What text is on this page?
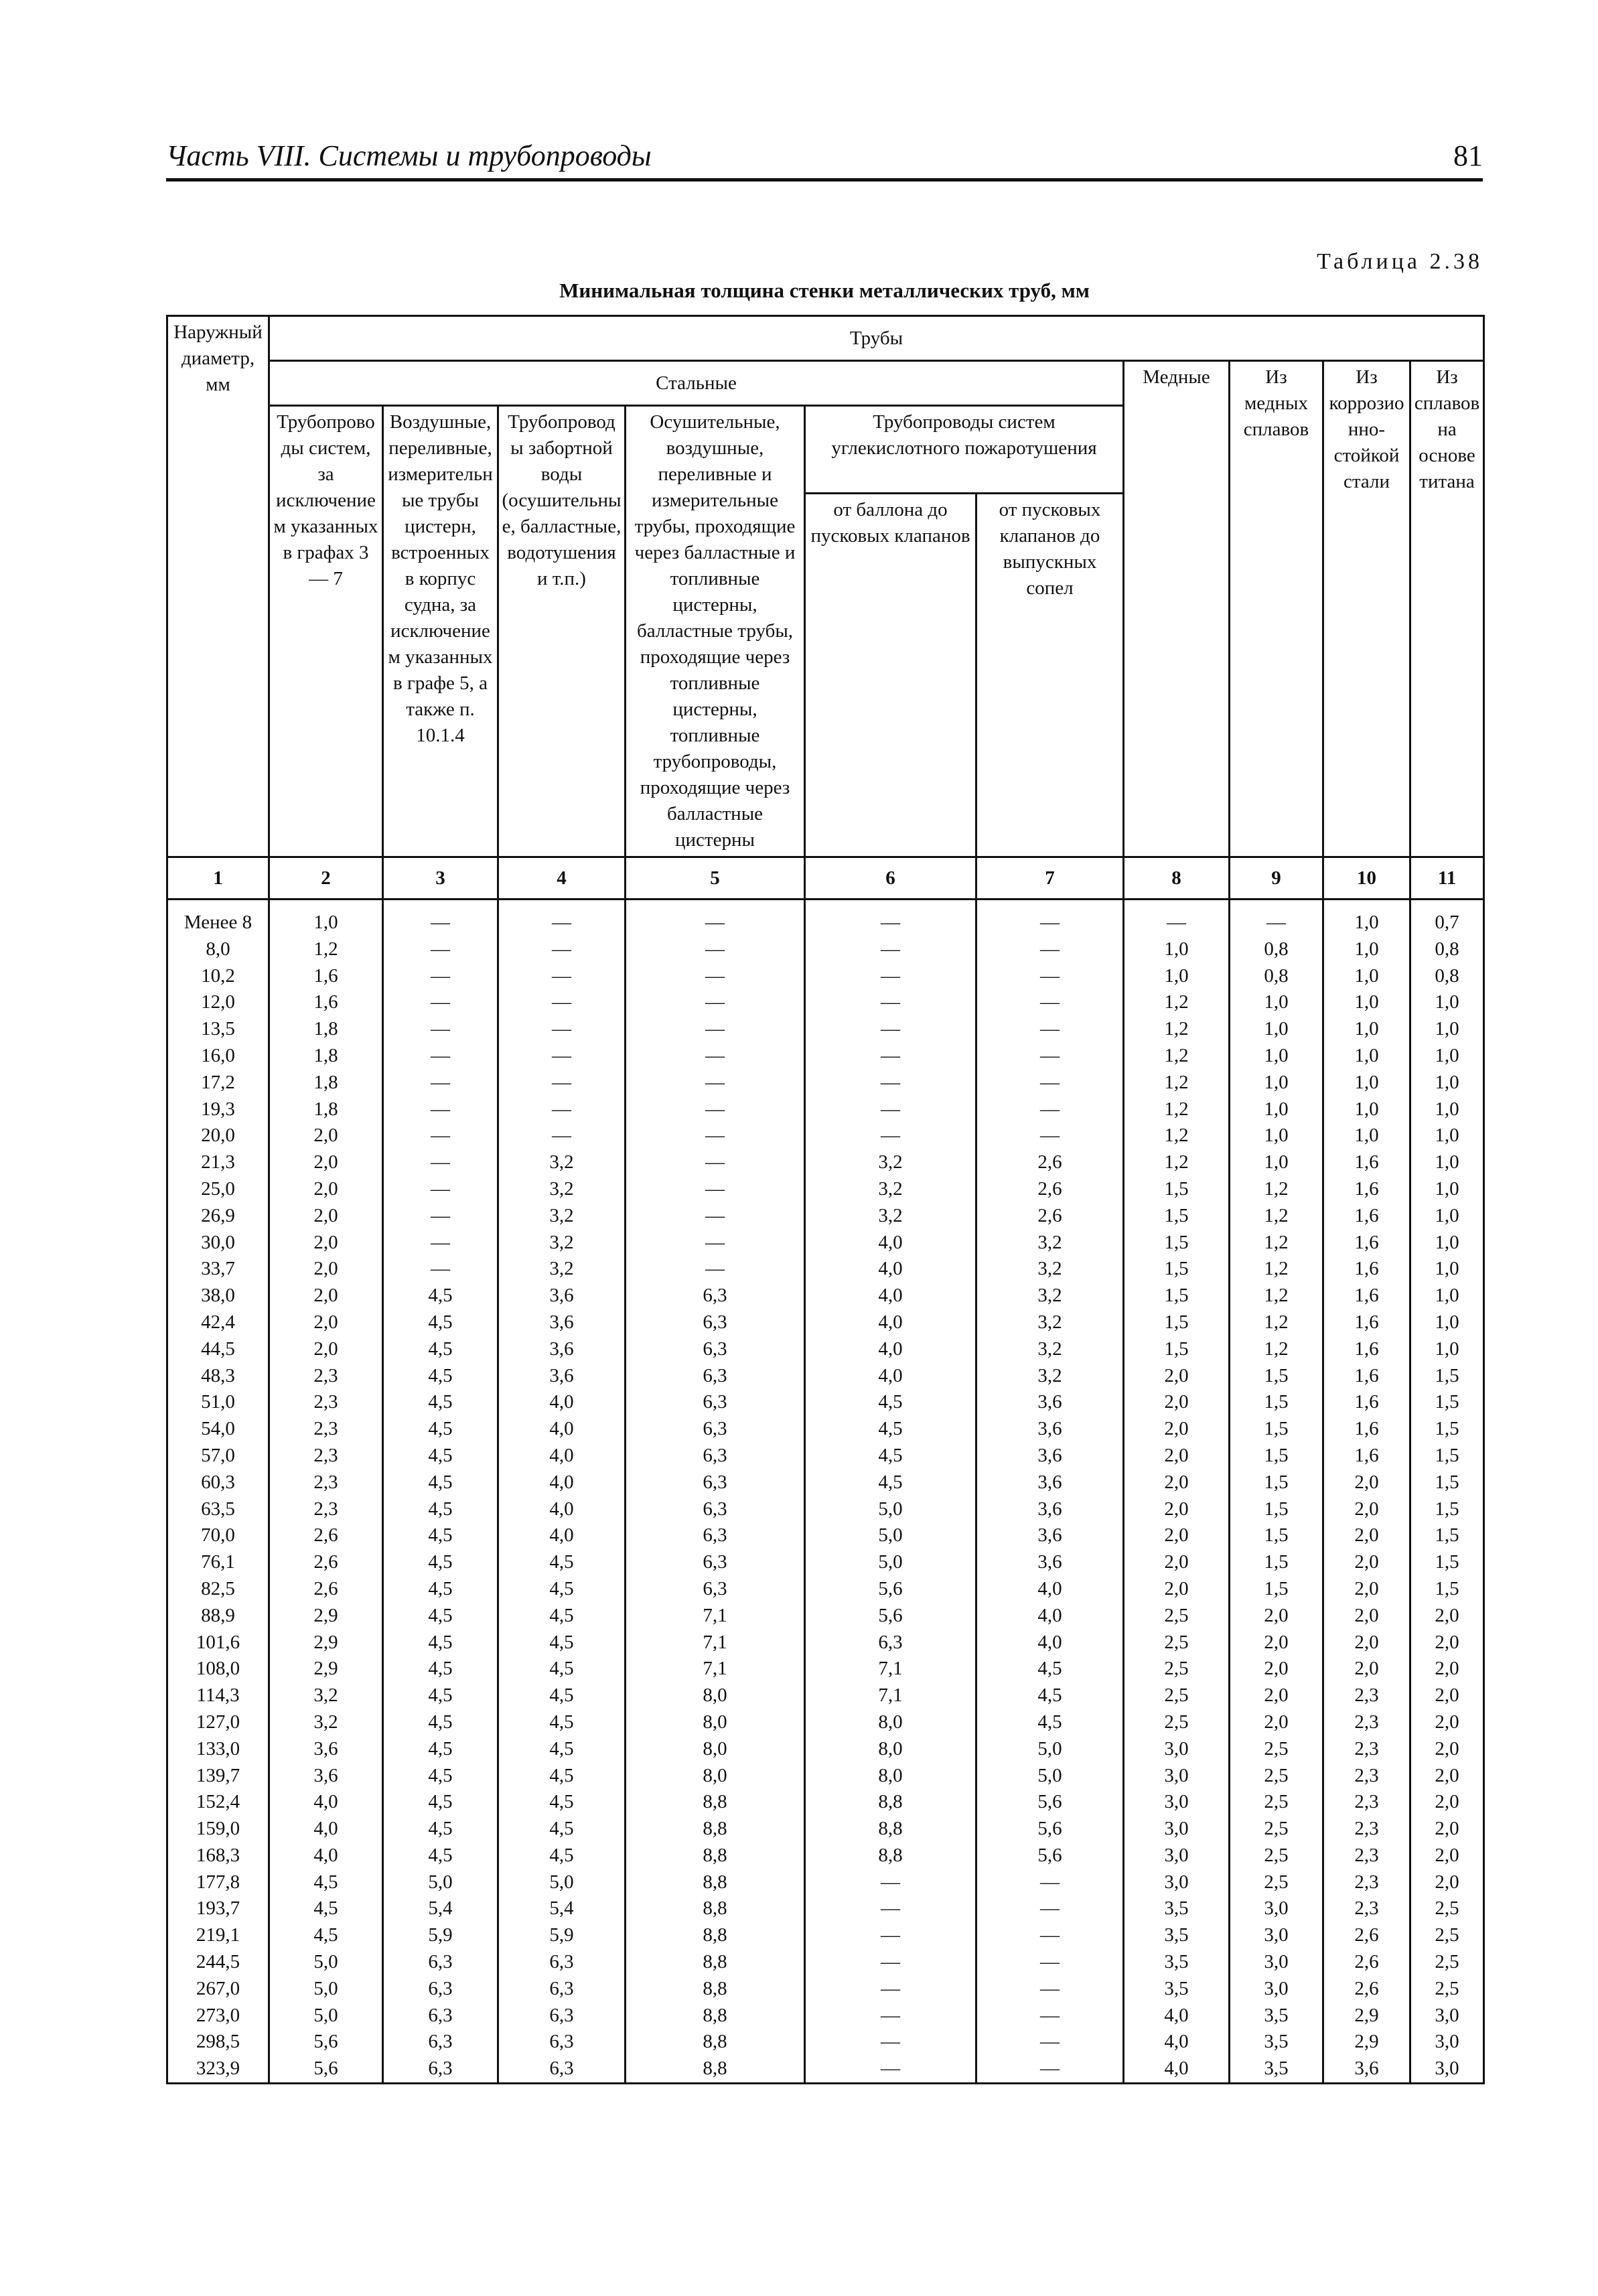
Часть VIII. Системы и трубопроводы	81
Таблица 2.38
Минимальная толщина стенки металлических труб, мм
Наружный диаметр, мм	Трубы									
	Стальные						Медные	Из медных сплавов	Из коррозионно-стойкой стали	Из сплавов на основе титана
	Трубопроводы систем, за исключением указанных в графах 3 — 7	Воздушные, переливные, измерительные трубы цистерн, встроенных в корпус судна, за исключением указанных в графе 5, а также п. 10.1.4	Трубопроводы забортной воды (осушительные, балластные, водотушения и т.п.)	Осушительные, воздушные, переливные и измерительные трубы, проходящие через балластные и топливные цистерны, балластные трубы, проходящие через топливные цистерны, топливные трубопроводы, проходящие через балластные цистерны	Трубопроводы систем углекислотного пожаротушения					
					от баллона до пусковых клапанов	от пусковых клапанов до выпускных сопел				
1	2	3	4	5	6	7	8	9	10	11
Менее 8	1,0	—	—	—	—	—	—	—	1,0	0,7
8,0	1,2	—	—	—	—	—	1,0	0,8	1,0	0,8
10,2	1,6	—	—	—	—	—	1,0	0,8	1,0	0,8
12,0	1,6	—	—	—	—	—	1,2	1,0	1,0	1,0
13,5	1,8	—	—	—	—	—	1,2	1,0	1,0	1,0
16,0	1,8	—	—	—	—	—	1,2	1,0	1,0	1,0
17,2	1,8	—	—	—	—	—	1,2	1,0	1,0	1,0
19,3	1,8	—	—	—	—	—	1,2	1,0	1,0	1,0
20,0	2,0	—	—	—	—	—	1,2	1,0	1,0	1,0
21,3	2,0	—	3,2	—	3,2	2,6	1,2	1,0	1,6	1,0
25,0	2,0	—	3,2	—	3,2	2,6	1,5	1,2	1,6	1,0
26,9	2,0	—	3,2	—	3,2	2,6	1,5	1,2	1,6	1,0
30,0	2,0	—	3,2	—	4,0	3,2	1,5	1,2	1,6	1,0
33,7	2,0	—	3,2	—	4,0	3,2	1,5	1,2	1,6	1,0
38,0	2,0	4,5	3,6	6,3	4,0	3,2	1,5	1,2	1,6	1,0
42,4	2,0	4,5	3,6	6,3	4,0	3,2	1,5	1,2	1,6	1,0
44,5	2,0	4,5	3,6	6,3	4,0	3,2	1,5	1,2	1,6	1,0
48,3	2,3	4,5	3,6	6,3	4,0	3,2	2,0	1,5	1,6	1,5
51,0	2,3	4,5	4,0	6,3	4,5	3,6	2,0	1,5	1,6	1,5
54,0	2,3	4,5	4,0	6,3	4,5	3,6	2,0	1,5	1,6	1,5
57,0	2,3	4,5	4,0	6,3	4,5	3,6	2,0	1,5	1,6	1,5
60,3	2,3	4,5	4,0	6,3	4,5	3,6	2,0	1,5	2,0	1,5
63,5	2,3	4,5	4,0	6,3	5,0	3,6	2,0	1,5	2,0	1,5
70,0	2,6	4,5	4,0	6,3	5,0	3,6	2,0	1,5	2,0	1,5
76,1	2,6	4,5	4,5	6,3	5,0	3,6	2,0	1,5	2,0	1,5
82,5	2,6	4,5	4,5	6,3	5,6	4,0	2,0	1,5	2,0	1,5
88,9	2,9	4,5	4,5	7,1	5,6	4,0	2,5	2,0	2,0	2,0
101,6	2,9	4,5	4,5	7,1	6,3	4,0	2,5	2,0	2,0	2,0
108,0	2,9	4,5	4,5	7,1	7,1	4,5	2,5	2,0	2,0	2,0
114,3	3,2	4,5	4,5	8,0	7,1	4,5	2,5	2,0	2,3	2,0
127,0	3,2	4,5	4,5	8,0	8,0	4,5	2,5	2,0	2,3	2,0
133,0	3,6	4,5	4,5	8,0	8,0	5,0	3,0	2,5	2,3	2,0
139,7	3,6	4,5	4,5	8,0	8,0	5,0	3,0	2,5	2,3	2,0
152,4	4,0	4,5	4,5	8,8	8,8	5,6	3,0	2,5	2,3	2,0
159,0	4,0	4,5	4,5	8,8	8,8	5,6	3,0	2,5	2,3	2,0
168,3	4,0	4,5	4,5	8,8	8,8	5,6	3,0	2,5	2,3	2,0
177,8	4,5	5,0	5,0	8,8	—	—	3,0	2,5	2,3	2,0
193,7	4,5	5,4	5,4	8,8	—	—	3,5	3,0	2,3	2,5
219,1	4,5	5,9	5,9	8,8	—	—	3,5	3,0	2,6	2,5
244,5	5,0	6,3	6,3	8,8	—	—	3,5	3,0	2,6	2,5
267,0	5,0	6,3	6,3	8,8	—	—	3,5	3,0	2,6	2,5
273,0	5,0	6,3	6,3	8,8	—	—	4,0	3,5	2,9	3,0
298,5	5,6	6,3	6,3	8,8	—	—	4,0	3,5	2,9	3,0
323,9	5,6	6,3	6,3	8,8	—	—	4,0	3,5	3,6	3,0
